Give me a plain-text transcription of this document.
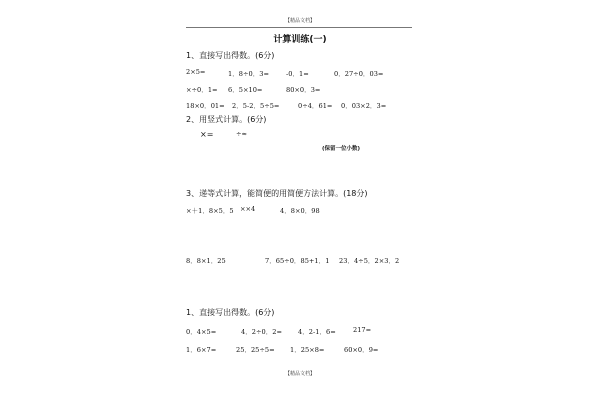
【精品文档】
计算训练(一)
1、直接写出得数。(6分)
2×5=	1．8÷0．3=	-0．1=	0．27÷0．03=
×÷0．1= 6．5×10=	80×0．3=
18×0．01= 2．5-2．5÷5=	0÷4．61= 0．03×2．3=
2、用竖式计算。(6分)
×=	÷≈
(保留一位小数)
3、递等式计算，能简便的用简便方法计算。(18分)
×＋1．8×5．5 ××4	4．8×0．98
8．8×1．25	7．65÷0．85+1．1 23．4÷5．2×3．2
1、直接写出得数。(6分)
0．4×5=	4．2÷0．2= 4．2-1．6=	217=
1．6×7=	25．25÷5= 1．25×8=	60×0．9=
【精品文档】
